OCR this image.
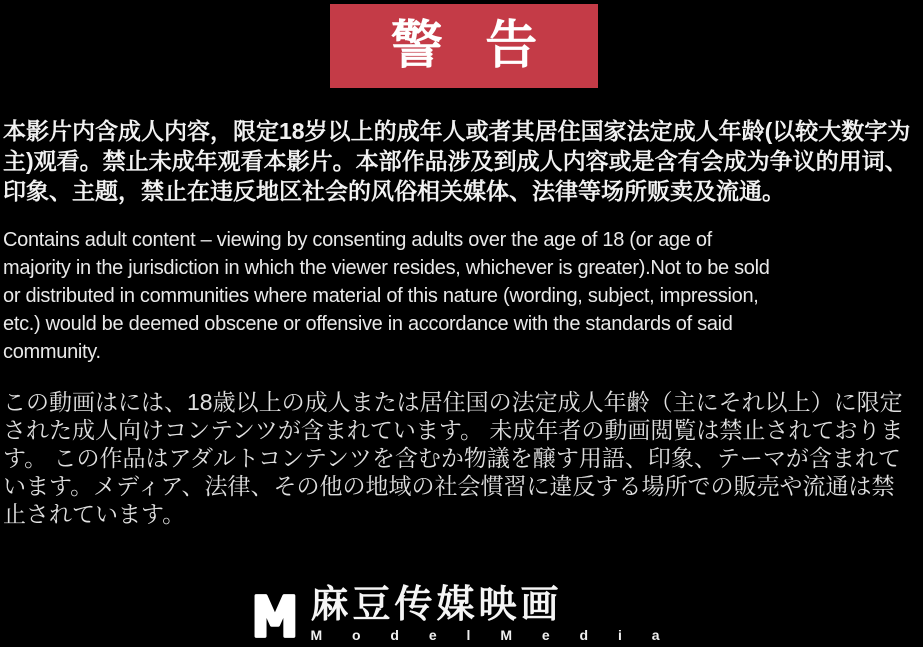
警 告
本影片内含成人内容，限定18岁以上的成年人或者其居住国家法定成人年龄(以较大数字为
主)观看。禁止未成年观看本影片。本部作品涉及到成人内容或是含有会成为争议的用词、
印象、主题，禁止在违反地区社会的风俗相关媒体、法律等场所贩卖及流通。
Contains adult content – viewing by consenting adults over the age of 18 (or age of
majority in the jurisdiction in which the viewer resides, whichever is greater).Not to be sold
or distributed in communities where material of this nature (wording, subject, impression,
etc.) would be deemed obscene or offensive in accordance with the standards of said
community.
この動画はには、18歳以上の成人または居住国の法定成人年齢（主にそれ以上）に限定
された成人向けコンテンツが含まれています。 未成年者の動画閲覧は禁止されておりま
す。 この作品はアダルトコンテンツを含むか物議を醸す用語、印象、テーマが含まれて
います。メディア、法律、その他の地域の社会慣習に違反する場所での販売や流通は禁
止されています。
麻豆传媒映画
M o d e l M e d i a
